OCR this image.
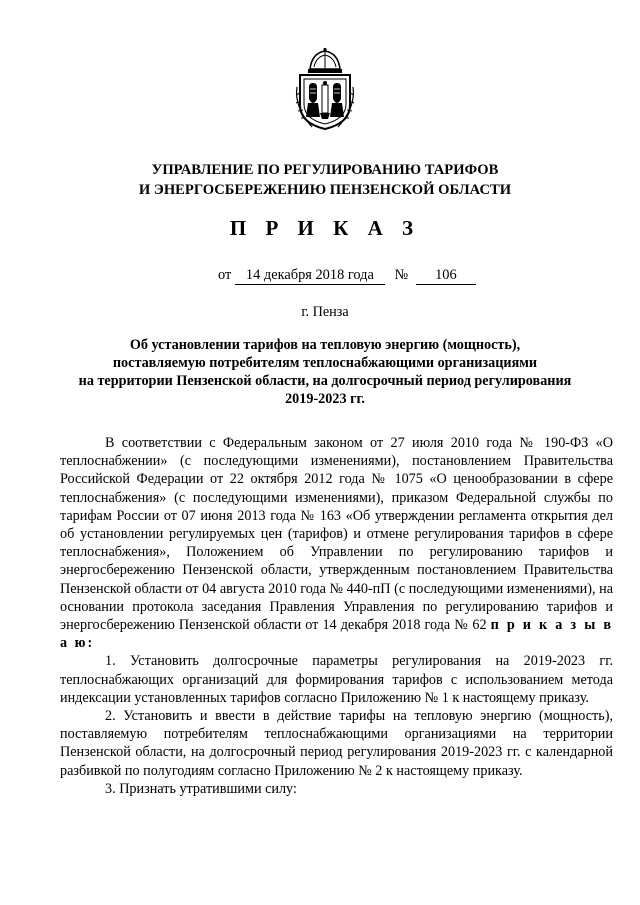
УПРАВЛЕНИЕ ПО РЕГУЛИРОВАНИЮ ТАРИФОВ
И ЭНЕРГОСБЕРЕЖЕНИЮ ПЕНЗЕНСКОЙ ОБЛАСТИ
П Р И К А З
от 14 декабря 2018 года № 106
г. Пенза
Об установлении тарифов на тепловую энергию (мощность),
поставляемую потребителям теплоснабжающими организациями
на территории Пензенской области, на долгосрочный период регулирования
2019-2023 гг.

В соответствии с Федеральным законом от 27 июля 2010 года № 190-ФЗ «О теплоснабжении» (с последующими изменениями), постановлением Правительства Российской Федерации от 22 октября 2012 года № 1075 «О ценообразовании в сфере теплоснабжения» (с последующими изменениями), приказом Федеральной службы по тарифам России от 07 июня 2013 года № 163 «Об утверждении регламента открытия дел об установлении регулируемых цен (тарифов) и отмене регулирования тарифов в сфере теплоснабжения», Положением об Управлении по регулированию тарифов и энергосбережению Пензенской области, утвержденным постановлением Правительства Пензенской области от 04 августа 2010 года № 440-пП (с последующими изменениями), на основании протокола заседания Правления Управления по регулированию тарифов и энергосбережению Пензенской области от 14 декабря 2018 года № 62 п р и к а з ы в а ю:

1. Установить долгосрочные параметры регулирования на 2019-2023 гг. теплоснабжающих организаций для формирования тарифов с использованием метода индексации установленных тарифов согласно Приложению № 1 к настоящему приказу.

2. Установить и ввести в действие тарифы на тепловую энергию (мощность), поставляемую потребителям теплоснабжающими организациями на территории Пензенской области, на долгосрочный период регулирования 2019-2023 гг. с календарной разбивкой по полугодиям согласно Приложению № 2 к настоящему приказу.

3. Признать утратившими силу:
